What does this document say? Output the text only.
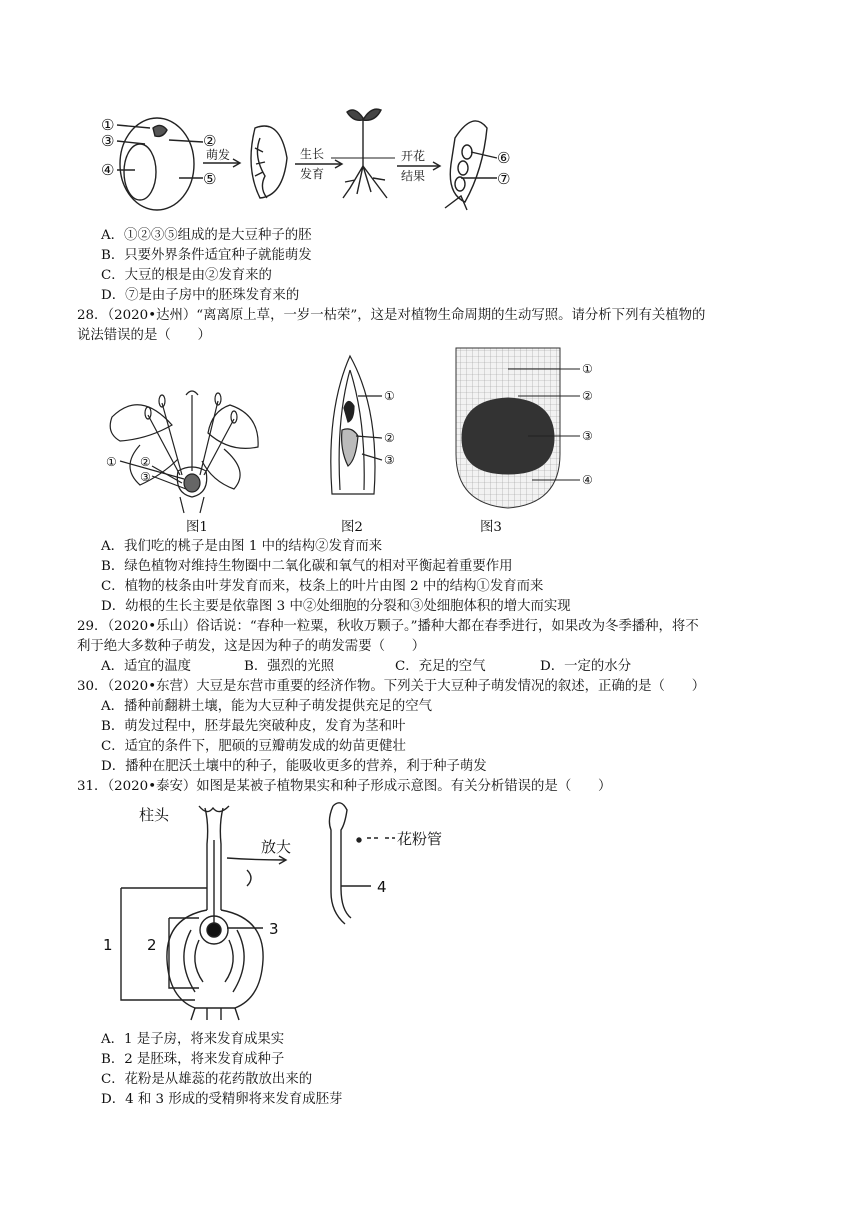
①
③
④
②
⑤
⑥
⑦
萌发	生长
发育
开花
结果
A．①②③⑤组成的是大豆种子的胚
B．只要外界条件适宜种子就能萌发
C．大豆的根是由②发育来的
D．⑦是由子房中的胚珠发育来的
28．（2020•达州）“离离原上草，一岁一枯荣”，这是对植物生命周期的生动写照。请分析下列有关植物的
说法错误的是（　　）
① ②
③
①
②
③
①
②
③
④
图1	图2	图3
A．我们吃的桃子是由图 1 中的结构②发育而来
B．绿色植物对维持生物圈中二氧化碳和氧气的相对平衡起着重要作用
C．植物的枝条由叶芽发育而来，枝条上的叶片由图 2 中的结构①发育而来
D．幼根的生长主要是依靠图 3 中②处细胞的分裂和③处细胞体积的增大而实现
29．（2020•乐山）俗话说：“春种一粒粟，秋收万颗子。”播种大都在春季进行，如果改为冬季播种，将不
利于绝大多数种子萌发，这是因为种子的萌发需要（　　）
A．适宜的温度	B．强烈的光照	C．充足的空气	D．一定的水分
30．（2020•东营）大豆是东营市重要的经济作物。下列关于大豆种子萌发情况的叙述，正确的是（　　）
A．播种前翻耕土壤，能为大豆种子萌发提供充足的空气
B．萌发过程中，胚芽最先突破种皮，发育为茎和叶
C．适宜的条件下，肥硕的豆瓣萌发成的幼苗更健壮
D．播种在肥沃土壤中的种子，能吸收更多的营养，利于种子萌发
31．（2020•泰安）如图是某被子植物果实和种子形成示意图。有关分析错误的是（　　）
柱头
放大	花粉管
1 2
3
4
A．1 是子房，将来发育成果实
B．2 是胚珠，将来发育成种子
C．花粉是从雄蕊的花药散放出来的
D．4 和 3 形成的受精卵将来发育成胚芽
